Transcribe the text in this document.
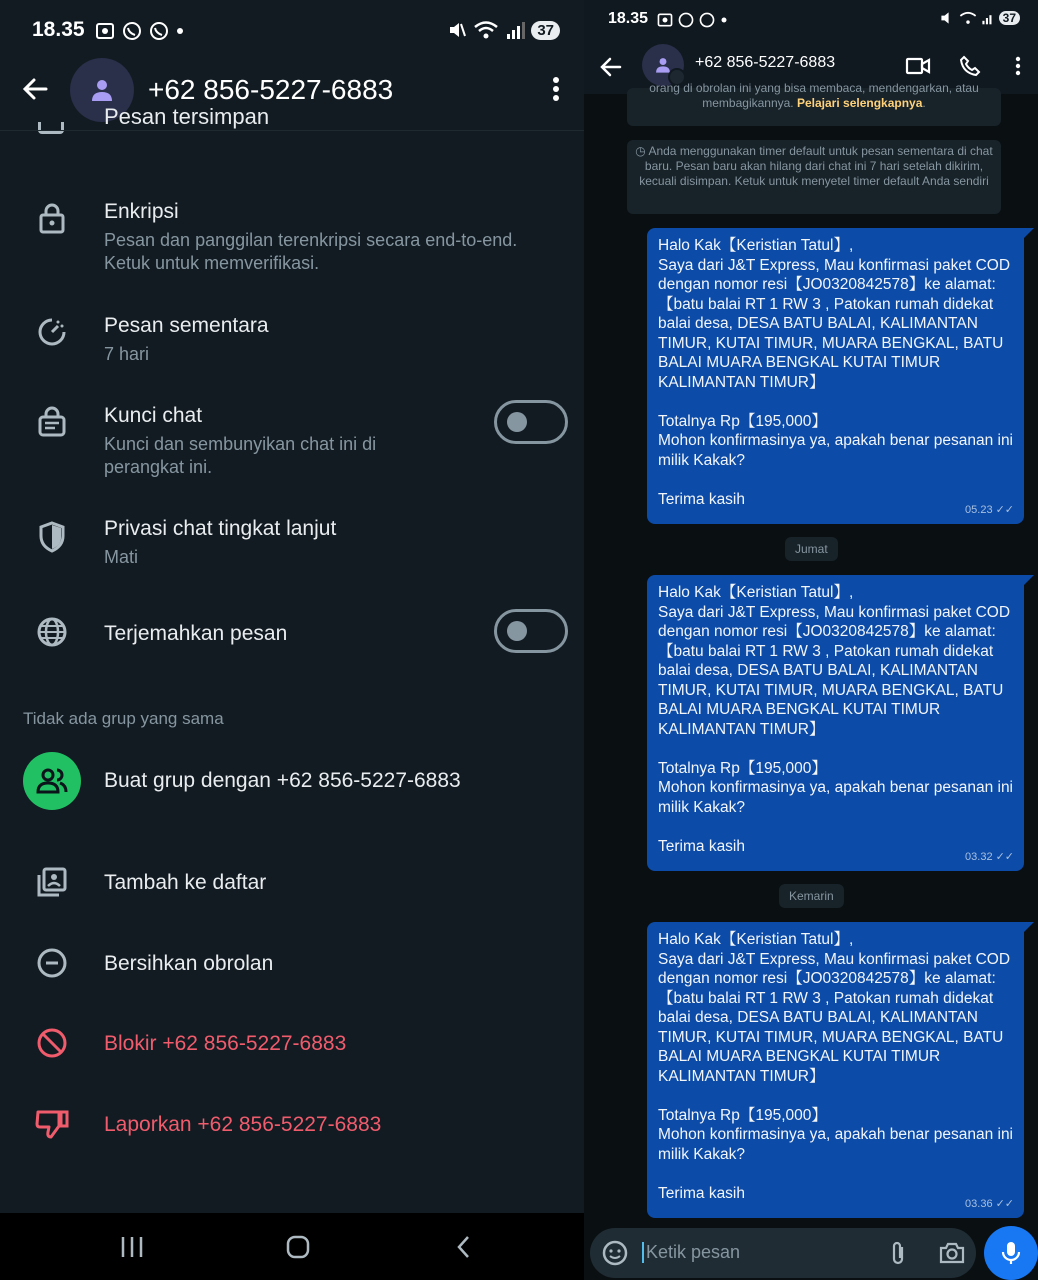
18.35	37
+62 856-5227-6883
Pesan tersimpan
Enkripsi
Pesan dan panggilan terenkripsi secara end-to-end. Ketuk untuk memverifikasi.
Pesan sementara
7 hari
Kunci chat
Kunci dan sembunyikan chat ini di perangkat ini.
Privasi chat tingkat lanjut
Mati
Terjemahkan pesan
Tidak ada grup yang sama
Buat grup dengan +62 856-5227-6883
Tambah ke daftar
Bersihkan obrolan
Blokir +62 856-5227-6883
Laporkan +62 856-5227-6883
18.35	37
+62 856-5227-6883
orang di obrolan ini yang bisa membaca, mendengarkan, atau membagikannya. Pelajari selengkapnya.
◷ Anda menggunakan timer default untuk pesan sementara di chat baru. Pesan baru akan hilang dari chat ini 7 hari setelah dikirim, kecuali disimpan. Ketuk untuk menyetel timer default Anda sendiri
Halo Kak【Keristian Tatul】,
Saya dari J&T Express, Mau konfirmasi paket COD dengan nomor resi【JO0320842578】ke alamat:
【batu balai RT 1 RW 3 , Patokan rumah didekat balai desa, DESA BATU BALAI, KALIMANTAN TIMUR, KUTAI TIMUR, MUARA BENGKAL, BATU BALAI MUARA BENGKAL KUTAI TIMUR KALIMANTAN TIMUR】

Totalnya Rp【195,000】
Mohon konfirmasinya ya, apakah benar pesanan ini milik Kakak?

Terima kasih
05.23 ✓✓
Jumat
Halo Kak【Keristian Tatul】,
Saya dari J&T Express, Mau konfirmasi paket COD dengan nomor resi【JO0320842578】ke alamat:
【batu balai RT 1 RW 3 , Patokan rumah didekat balai desa, DESA BATU BALAI, KALIMANTAN TIMUR, KUTAI TIMUR, MUARA BENGKAL, BATU BALAI MUARA BENGKAL KUTAI TIMUR KALIMANTAN TIMUR】

Totalnya Rp【195,000】
Mohon konfirmasinya ya, apakah benar pesanan ini milik Kakak?

Terima kasih
03.32 ✓✓
Kemarin
Halo Kak【Keristian Tatul】,
Saya dari J&T Express, Mau konfirmasi paket COD dengan nomor resi【JO0320842578】ke alamat:
【batu balai RT 1 RW 3 , Patokan rumah didekat balai desa, DESA BATU BALAI, KALIMANTAN TIMUR, KUTAI TIMUR, MUARA BENGKAL, BATU BALAI MUARA BENGKAL KUTAI TIMUR KALIMANTAN TIMUR】

Totalnya Rp【195,000】
Mohon konfirmasinya ya, apakah benar pesanan ini milik Kakak?

Terima kasih
03.36 ✓✓
Ketik pesan
